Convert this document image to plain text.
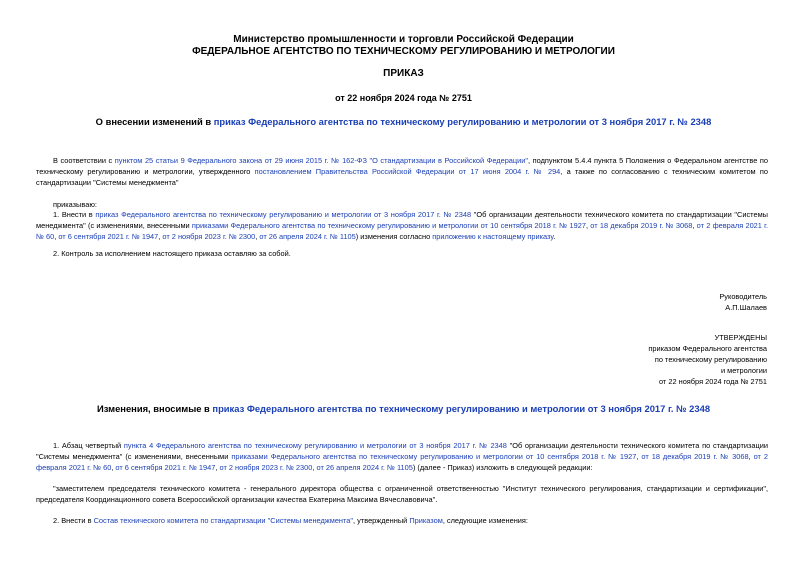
Министерство промышленности и торговли Российской Федерации
ФЕДЕРАЛЬНОЕ АГЕНТСТВО ПО ТЕХНИЧЕСКОМУ РЕГУЛИРОВАНИЮ И МЕТРОЛОГИИ
ПРИКАЗ
от 22 ноября 2024 года № 2751
О внесении изменений в приказ Федерального агентства по техническому регулированию и метрологии от 3 ноября 2017 г. № 2348
В соответствии с пунктом 25 статьи 9 Федерального закона от 29 июня 2015 г. № 162-ФЗ "О стандартизации в Российской Федерации", подпунктом 5.4.4 пункта 5 Положения о Федеральном агентстве по техническому регулированию и метрологии, утвержденного постановлением Правительства Российской Федерации от 17 июня 2004 г. № 294, а также по согласованию с техническим комитетом по стандартизации "Системы менеджмента"
приказываю:
1. Внести в приказ Федерального агентства по техническому регулированию и метрологии от 3 ноября 2017 г. № 2348 "Об организации деятельности технического комитета по стандартизации "Системы менеджмента" (с изменениями, внесенными приказами Федерального агентства по техническому регулированию и метрологии от 10 сентября 2018 г. № 1927, от 18 декабря 2019 г. № 3068, от 2 февраля 2021 г. № 60, от 6 сентября 2021 г. № 1947, от 2 ноября 2023 г. № 2300, от 26 апреля 2024 г. № 1105) изменения согласно приложению к настоящему приказу.
2. Контроль за исполнением настоящего приказа оставляю за собой.
Руководитель
А.П.Шалаев
УТВЕРЖДЕНЫ
приказом Федерального агентства
по техническому регулированию
и метрологии
от 22 ноября 2024 года № 2751
Изменения, вносимые в приказ Федерального агентства по техническому регулированию и метрологии от 3 ноября 2017 г. № 2348
1. Абзац четвертый пункта 4 Федерального агентства по техническому регулированию и метрологии от 3 ноября 2017 г. № 2348 "Об организации деятельности технического комитета по стандартизации "Системы менеджмента" (с изменениями, внесенными приказами Федерального агентства по техническому регулированию и метрологии от 10 сентября 2018 г. № 1927, от 18 декабря 2019 г. № 3068, от 2 февраля 2021 г. № 60, от 6 сентября 2021 г. № 1947, от 2 ноября 2023 г. № 2300, от 26 апреля 2024 г. № 1105) (далее - Приказ) изложить в следующей редакции:
"заместителем председателя технического комитета - генерального директора общества с ограниченной ответственностью "Институт технического регулирования, стандартизации и сертификации", председателя Координационного совета Всероссийской организации качества Екатерина Максима Вячеславовича".
2. Внести в Состав технического комитета по стандартизации "Системы менеджмента", утвержденный Приказом, следующие изменения:
